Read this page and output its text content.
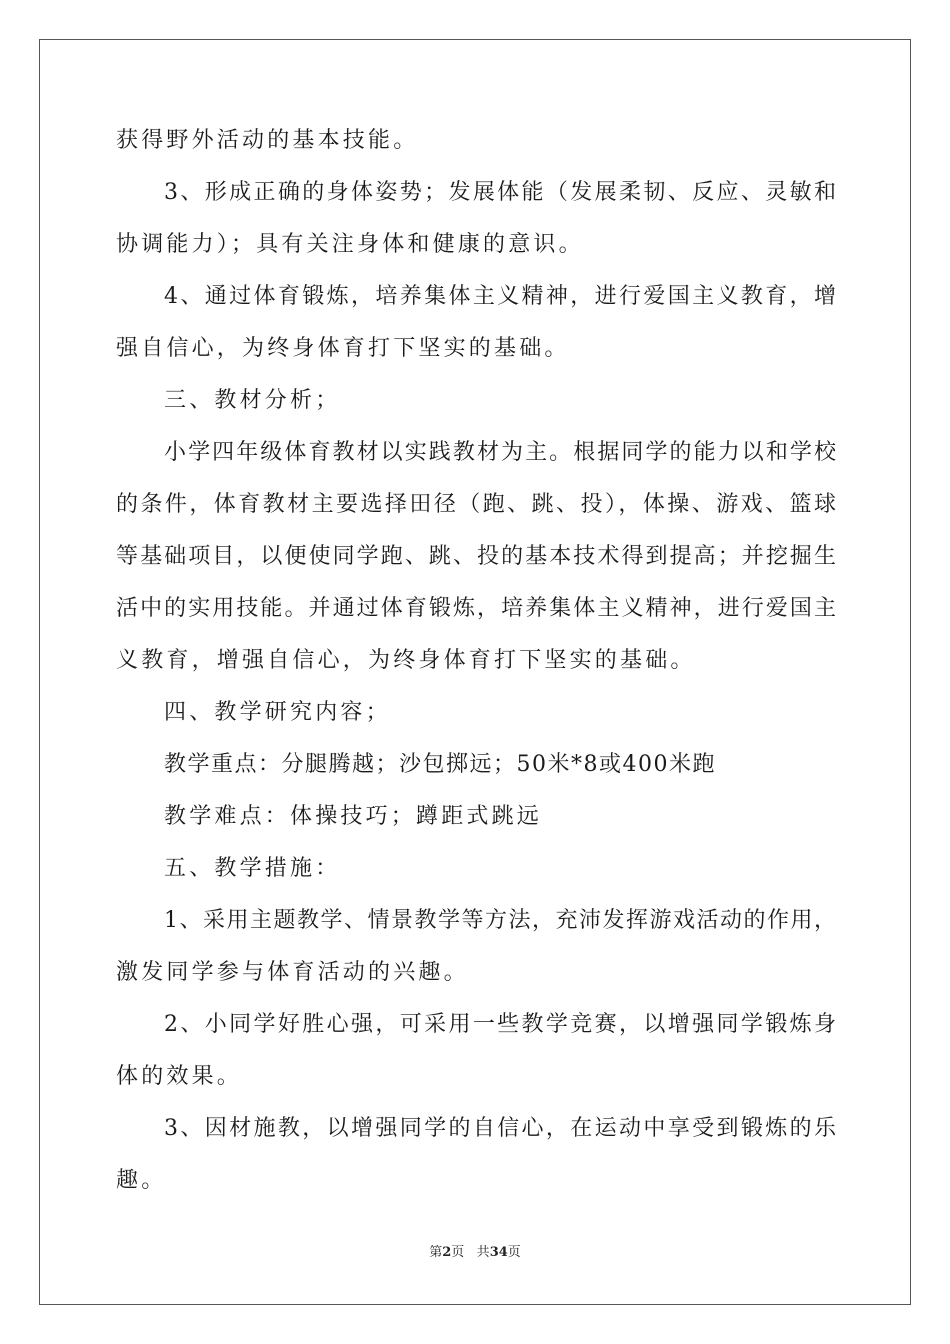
获得野外活动的基本技能。
3、形成正确的身体姿势；发展体能（发展柔韧、反应、灵敏和
协调能力）；具有关注身体和健康的意识。
4、通过体育锻炼，培养集体主义精神，进行爱国主义教育，增
强自信心，为终身体育打下坚实的基础。
三、教材分析；
小学四年级体育教材以实践教材为主。根据同学的能力以和学校
的条件，体育教材主要选择田径（跑、跳、投），体操、游戏、篮球
等基础项目，以便使同学跑、跳、投的基本技术得到提高；并挖掘生
活中的实用技能。并通过体育锻炼，培养集体主义精神，进行爱国主
义教育，增强自信心，为终身体育打下坚实的基础。
四、教学研究内容；
教学重点：分腿腾越；沙包掷远；50米*8或400米跑
教学难点：体操技巧；蹲距式跳远
五、教学措施：
1、采用主题教学、情景教学等方法，充沛发挥游戏活动的作用，
激发同学参与体育活动的兴趣。
2、小同学好胜心强，可采用一些教学竞赛，以增强同学锻炼身
体的效果。
3、因材施教，以增强同学的自信心，在运动中享受到锻炼的乐
趣。
第2页 共34页
